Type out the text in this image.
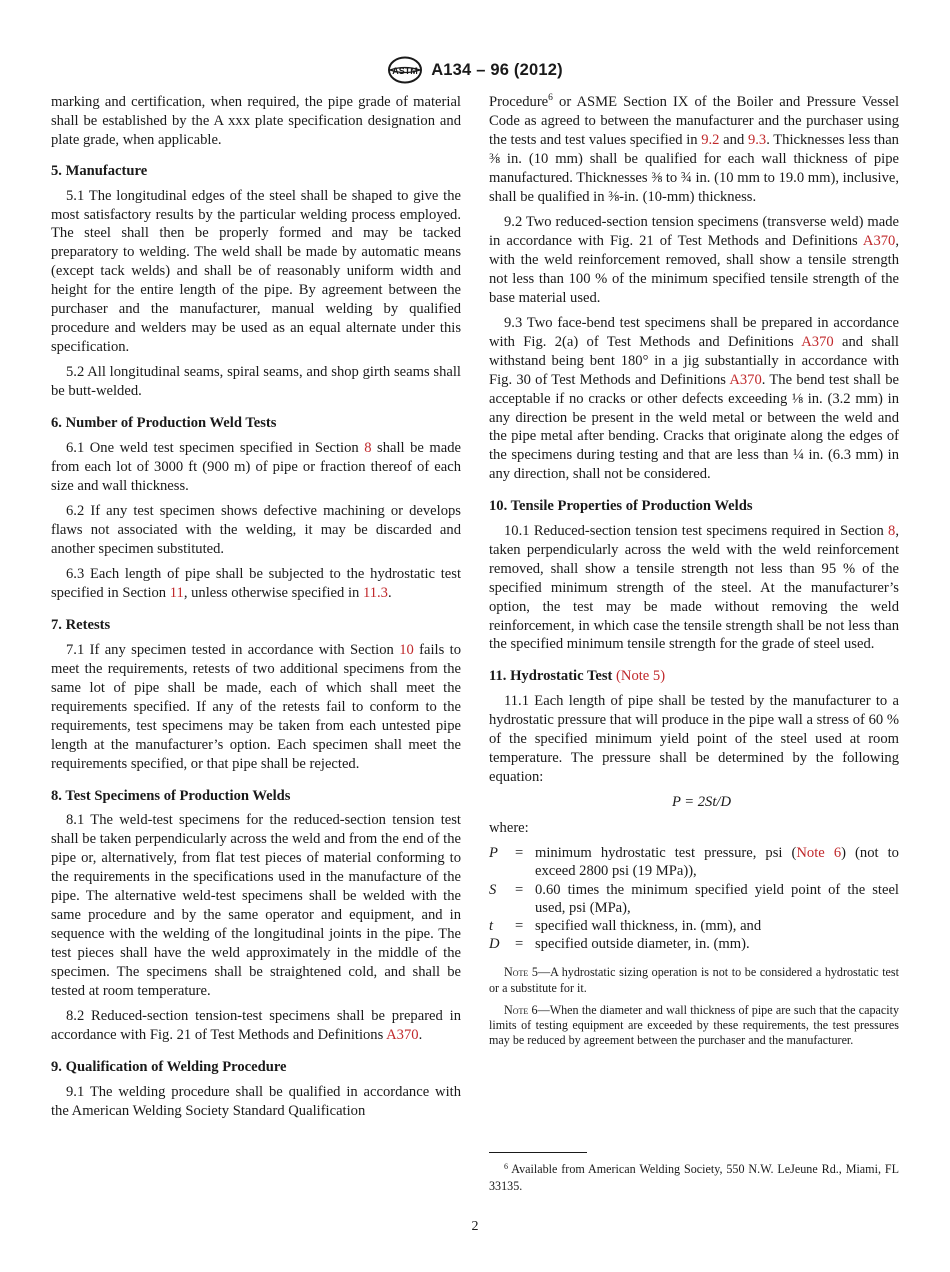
ASTM A134 – 96 (2012)

marking and certification, when required, the pipe grade of material shall be established by the A xxx plate specification designation and plate grade, when applicable.

5. Manufacture

5.1 The longitudinal edges of the steel shall be shaped to give the most satisfactory results by the particular welding process employed. The steel shall then be properly formed and may be tacked preparatory to welding. The weld shall be made by automatic means (except tack welds) and shall be of reasonably uniform width and height for the entire length of the pipe. By agreement between the purchaser and the manufacturer, manual welding by qualified procedure and welders may be used as an equal alternate under this specification.

5.2 All longitudinal seams, spiral seams, and shop girth seams shall be butt-welded.

6. Number of Production Weld Tests

6.1 One weld test specimen specified in Section 8 shall be made from each lot of 3000 ft (900 m) of pipe or fraction thereof of each size and wall thickness.

6.2 If any test specimen shows defective machining or develops flaws not associated with the welding, it may be discarded and another specimen substituted.

6.3 Each length of pipe shall be subjected to the hydrostatic test specified in Section 11, unless otherwise specified in 11.3.

7. Retests

7.1 If any specimen tested in accordance with Section 10 fails to meet the requirements, retests of two additional specimens from the same lot of pipe shall be made, each of which shall meet the requirements specified. If any of the retests fail to conform to the requirements, test specimens may be taken from each untested pipe length at the manufacturer’s option. Each specimen shall meet the requirements specified, or that pipe shall be rejected.

8. Test Specimens of Production Welds

8.1 The weld-test specimens for the reduced-section tension test shall be taken perpendicularly across the weld and from the end of the pipe or, alternatively, from flat test pieces of material conforming to the requirements in the specifications used in the manufacture of the pipe. The alternative weld-test specimens shall be welded with the same procedure and by the same operator and equipment, and in sequence with the welding of the longitudinal joints in the pipe. The test pieces shall have the weld approximately in the middle of the specimen. The specimens shall be straightened cold, and shall be tested at room temperature.

8.2 Reduced-section tension-test specimens shall be prepared in accordance with Fig. 21 of Test Methods and Definitions A370.

9. Qualification of Welding Procedure

9.1 The welding procedure shall be qualified in accordance with the American Welding Society Standard Qualification

Procedure$^6$ or ASME Section IX of the Boiler and Pressure Vessel Code as agreed to between the manufacturer and the purchaser using the tests and test values specified in 9.2 and 9.3. Thicknesses less than ⅜ in. (10 mm) shall be qualified for each wall thickness of pipe manufactured. Thicknesses ⅜ to ¾ in. (10 mm to 19.0 mm), inclusive, shall be qualified in ⅜-in. (10-mm) thickness.

9.2 Two reduced-section tension specimens (transverse weld) made in accordance with Fig. 21 of Test Methods and Definitions A370, with the weld reinforcement removed, shall show a tensile strength not less than 100 % of the minimum specified tensile strength of the base material used.

9.3 Two face-bend test specimens shall be prepared in accordance with Fig. 2(a) of Test Methods and Definitions A370 and shall withstand being bent 180° in a jig substantially in accordance with Fig. 30 of Test Methods and Definitions A370. The bend test shall be acceptable if no cracks or other defects exceeding ⅛ in. (3.2 mm) in any direction be present in the weld metal or between the weld and the pipe metal after bending. Cracks that originate along the edges of the specimens during testing and that are less than ¼ in. (6.3 mm) in any direction, shall not be considered.

10. Tensile Properties of Production Welds

10.1 Reduced-section tension test specimens required in Section 8, taken perpendicularly across the weld with the weld reinforcement removed, shall show a tensile strength not less than 95 % of the specified minimum strength of the steel. At the manufacturer’s option, the test may be made without removing the weld reinforcement, in which case the tensile strength shall be not less than the specified minimum tensile strength for the grade of steel used.

11. Hydrostatic Test (Note 5)

11.1 Each length of pipe shall be tested by the manufacturer to a hydrostatic pressure that will produce in the pipe wall a stress of 60 % of the specified minimum yield point of the steel used at room temperature. The pressure shall be determined by the following equation:

P = 2St/D

where:

P	=	minimum hydrostatic test pressure, psi (Note 6) (not to exceed 2800 psi (19 MPa)),
S	=	0.60 times the minimum specified yield point of the steel used, psi (MPa),
t	=	specified wall thickness, in. (mm), and
D	=	specified outside diameter, in. (mm).

Note 5—A hydrostatic sizing operation is not to be considered a hydrostatic test or a substitute for it.

Note 6—When the diameter and wall thickness of pipe are such that the capacity limits of testing equipment are exceeded by these requirements, the test pressures may be reduced by agreement between the purchaser and the manufacturer.

$^6$ Available from American Welding Society, 550 N.W. LeJeune Rd., Miami, FL 33135.
2
